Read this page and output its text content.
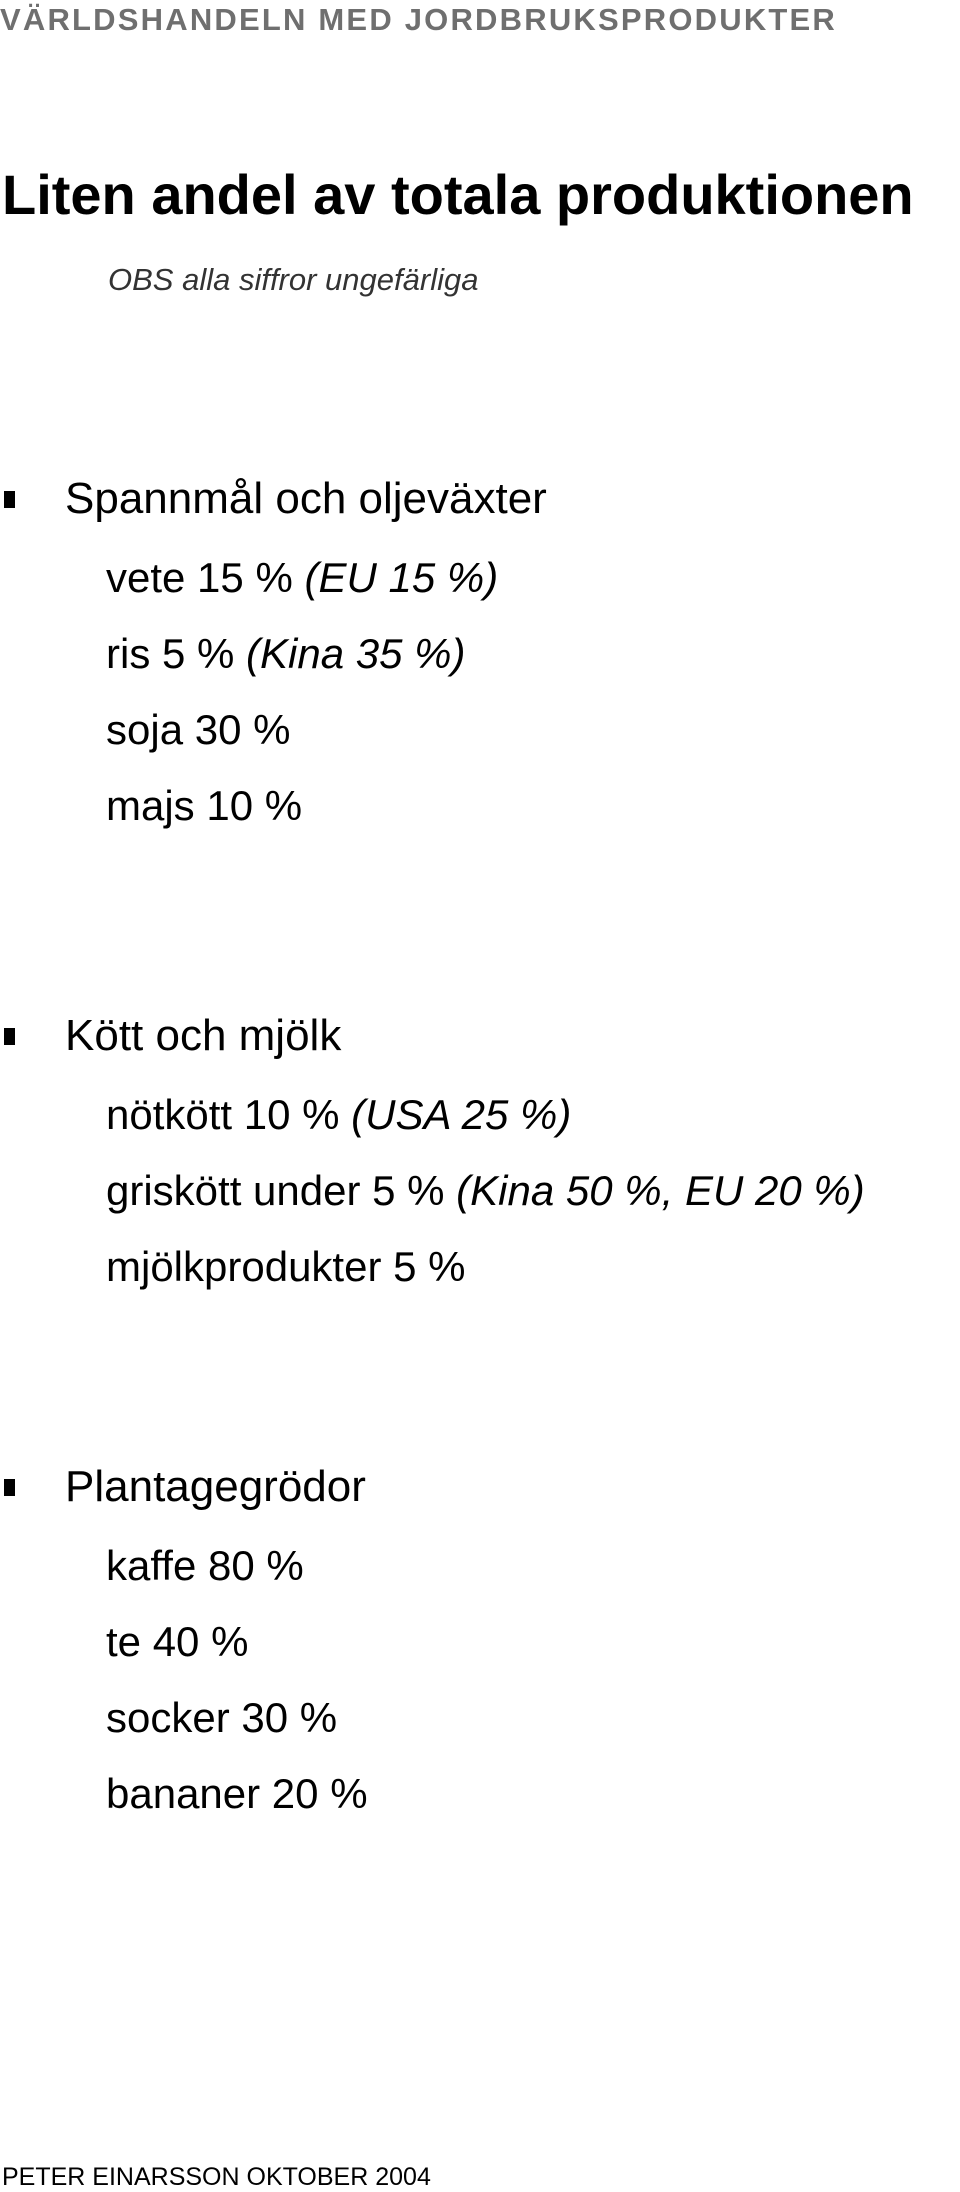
VÄRLDSHANDELN MED JORDBRUKSPRODUKTER
Liten andel av totala produktionen
OBS alla siffror ungefärliga
Spannmål och oljeväxter
vete 15 % (EU 15 %)
ris 5 % (Kina 35 %)
soja 30 %
majs 10 %
Kött och mjölk
nötkött 10 % (USA 25 %)
griskött under 5 % (Kina 50 %, EU 20 %)
mjölkprodukter 5 %
Plantagegrödor
kaffe 80 %
te 40 %
socker 30 %
bananer 20 %
PETER EINARSSON OKTOBER 2004
